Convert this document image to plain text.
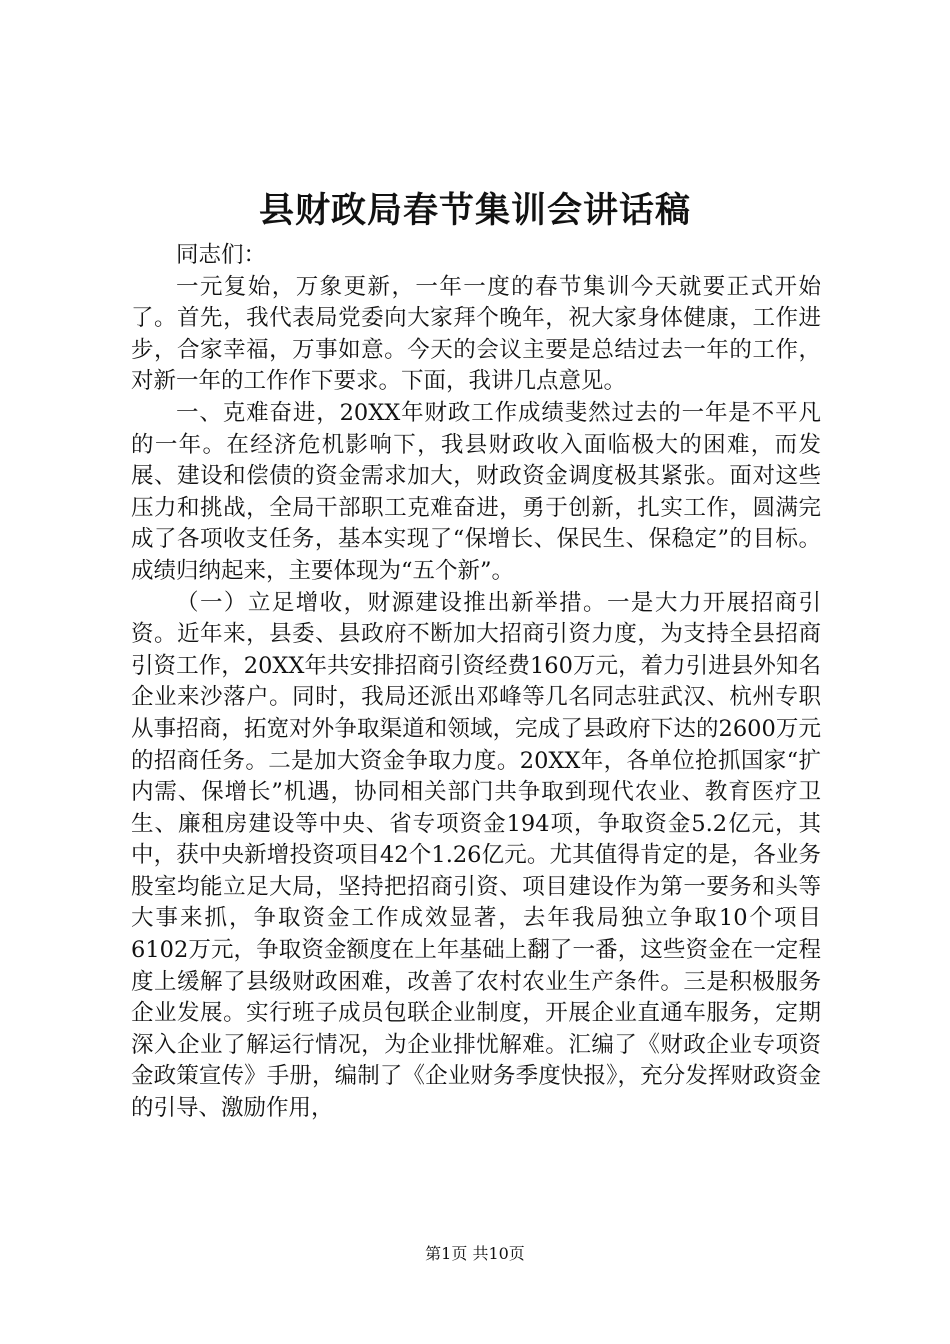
县财政局春节集训会讲话稿

同志们：

一元复始，万象更新，一年一度的春节集训今天就要正式开始了。首先，我代表局党委向大家拜个晚年，祝大家身体健康，工作进步，合家幸福，万事如意。今天的会议主要是总结过去一年的工作，对新一年的工作作下要求。下面，我讲几点意见。

一、克难奋进，20XX年财政工作成绩斐然过去的一年是不平凡的一年。在经济危机影响下，我县财政收入面临极大的困难，而发展、建设和偿债的资金需求加大，财政资金调度极其紧张。面对这些压力和挑战，全局干部职工克难奋进，勇于创新，扎实工作，圆满完成了各项收支任务，基本实现了“保增长、保民生、保稳定”的目标。成绩归纳起来，主要体现为“五个新”。

（一）立足增收，财源建设推出新举措。一是大力开展招商引资。近年来，县委、县政府不断加大招商引资力度，为支持全县招商引资工作，20XX年共安排招商引资经费160万元，着力引进县外知名企业来沙落户。同时，我局还派出邓峰等几名同志驻武汉、杭州专职从事招商，拓宽对外争取渠道和领域，完成了县政府下达的2600万元的招商任务。二是加大资金争取力度。20XX年，各单位抢抓国家“扩内需、保增长”机遇，协同相关部门共争取到现代农业、教育医疗卫生、廉租房建设等中央、省专项资金194项，争取资金5.2亿元，其中，获中央新增投资项目42个1.26亿元。尤其值得肯定的是，各业务股室均能立足大局，坚持把招商引资、项目建设作为第一要务和头等大事来抓，争取资金工作成效显著，去年我局独立争取10个项目6102万元，争取资金额度在上年基础上翻了一番，这些资金在一定程度上缓解了县级财政困难，改善了农村农业生产条件。三是积极服务企业发展。实行班子成员包联企业制度，开展企业直通车服务，定期深入企业了解运行情况，为企业排忧解难。汇编了《财政企业专项资金政策宣传》手册，编制了《企业财务季度快报》，充分发挥财政资金的引导、激励作用，

第1页 共10页
